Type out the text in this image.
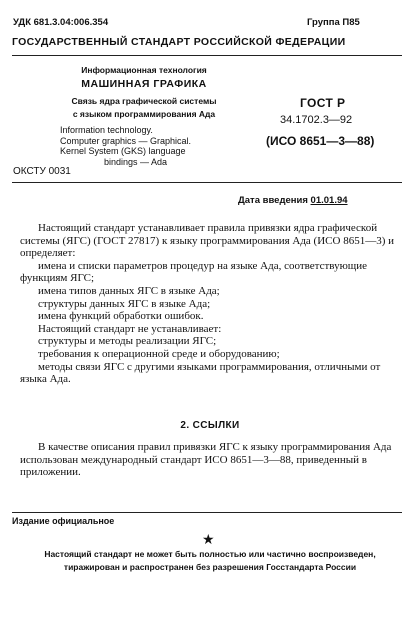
УДК 681.3.04:006.354	Группа П85
ГОСУДАРСТВЕННЫЙ СТАНДАРТ РОССИЙСКОЙ ФЕДЕРАЦИИ
Информационная технология
МАШИННАЯ ГРАФИКА
Связь ядра графической системы
с языком программирования Ада
Information technology.
Computer graphics — Graphical.
Kernel System (GKS) language
bindings — Ada
ГОСТ Р
34.1702.3—92
(ИСО 8651—3—88)
ОКСТУ 0031
Дата введения 01.01.94

Настоящий стандарт устанавливает правила привязки ядра графической системы (ЯГС) (ГОСТ 27817) к языку программирования Ада (ИСО 8651—3) и определяет:

имена и списки параметров процедур на языке Ада, соответствующие функциям ЯГС;

имена типов данных ЯГС в языке Ада;

структуры данных ЯГС в языке Ада;

имена функций обработки ошибок.

Настоящий стандарт не устанавливает:

структуры и методы реализации ЯГС;

требования к операционной среде и оборудованию;

методы связи ЯГС с другими языками программирования, отличными от языка Ада.

2. ССЫЛКИ

В качестве описания правил привязки ЯГС к языку программирования Ада использован международный стандарт ИСО 8651—3—88, приведенный в приложении.

Издание официальное
★
Настоящий стандарт не может быть полностью или частично воспроизведен,
тиражирован и распространен без разрешения Госстандарта России
